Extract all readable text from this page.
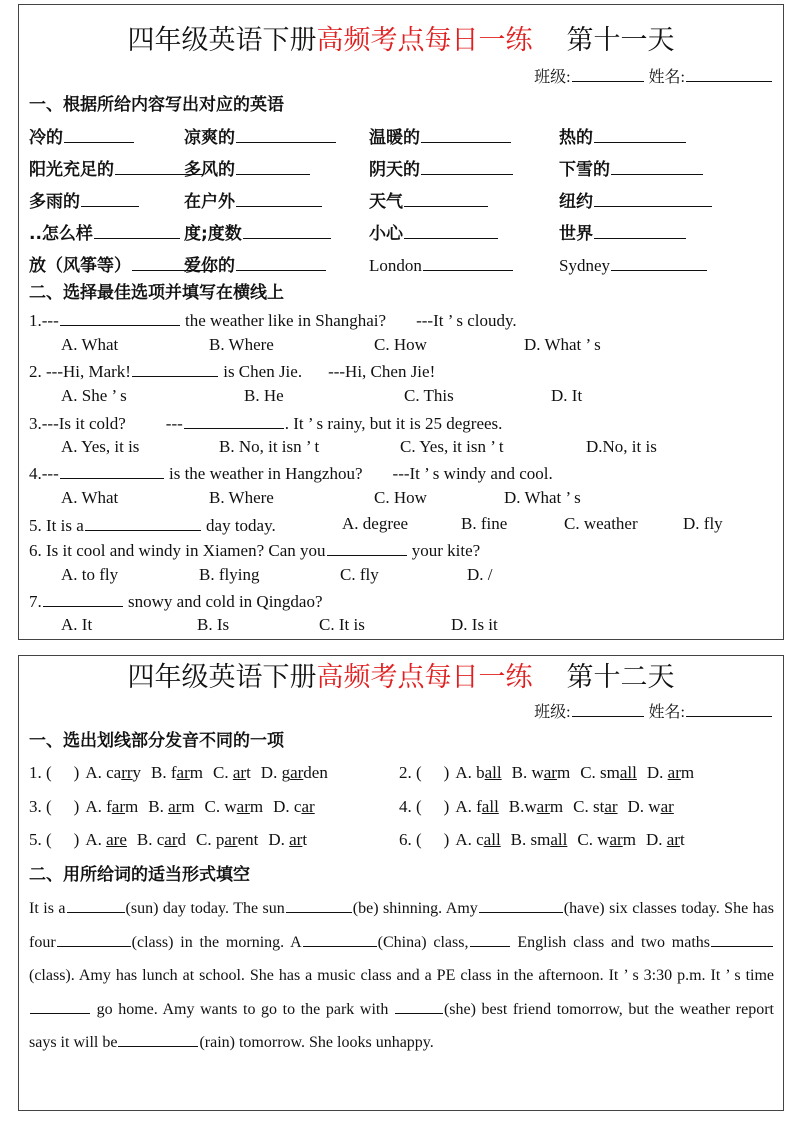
四年级英语下册高频考点每日一练 第十一天
班级:	姓名:
一、根据所给内容写出对应的英语
冷的	凉爽的	温暖的	热的
阳光充足的	多风的	阴天的	下雪的
多雨的	在户外	天气	纽约
..怎么样	度;度数	小心	世界
放（风筝等）	爱你的	London	Sydney
二、选择最佳选项并填写在横线上
1.---	the weather like in Shanghai? ---It ’ s cloudy.
A. What	B. Where	C. How	D. What ’ s
2. ---Hi, Mark!	is Chen Jie. ---Hi, Chen Jie!
A. She ’ s	B. He	C. This	D. It
3.---Is it cold? ---	. It ’ s rainy, but it is 25 degrees.
A. Yes, it is	B. No, it isn ’ t	C. Yes, it isn ’ t	D.No, it is
4.---	is the weather in Hangzhou? ---It ’ s windy and cool.
A. What	B. Where	C. How	D. What ’ s
5. It is a	day today.	A. degree	B. fine	C. weather	D. fly
6. Is it cool and windy in Xiamen? Can you	your kite?
A. to fly	B. flying	C. fly	D. /
7.	snowy and cold in Qingdao?
A. It	B. Is	C. It is	D. Is it
四年级英语下册高频考点每日一练 第十二天
班级:	姓名:
一、选出划线部分发音不同的一项
1. ( ) A. carry B. farm C. art D. garden	2. ( ) A. ball B. warm C. small D. arm
3. ( ) A. farm B. arm C. warm D. car	4. ( ) A. fall B.warm C. star D. war
5. ( ) A. are B. card C. parent D. art	6. ( ) A. call B. small C. warm D. art
二、用所给词的适当形式填空
It is a	(sun) day today. The sun	(be) shinning. Amy	(have) six classes today. She has four	(class) in the morning. A	(China) class,	English class and two maths(class). Amy has lunch at school. She has a music class and a PE class in the afternoon. It ’ s 3:30 p.m. It ’ s time go home. Amy wants to go to the park with	(she) best friend tomorrow, but the weather report says it will be	(rain) tomorrow. She looks unhappy.
